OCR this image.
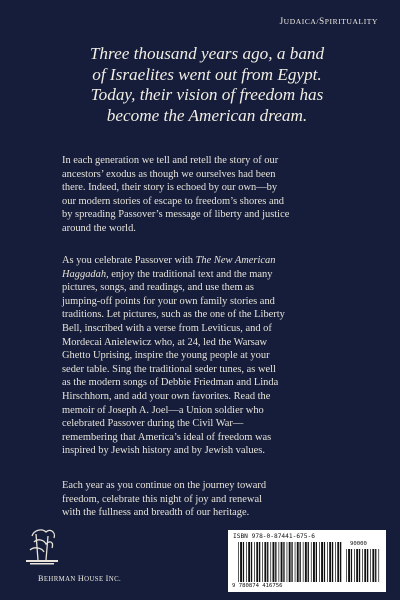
JUDAICA/SPIRITUALITY
Three thousand years ago, a band
of Israelites went out from Egypt.
Today, their vision of freedom has
become the American dream.
In each generation we tell and retell the story of our
ancestors’ exodus as though we ourselves had been
there. Indeed, their story is echoed by our own—by
our modern stories of escape to freedom’s shores and
by spreading Passover’s message of liberty and justice
around the world.
As you celebrate Passover with The New American
Haggadah, enjoy the traditional text and the many
pictures, songs, and readings, and use them as
jumping-off points for your own family stories and
traditions. Let pictures, such as the one of the Liberty
Bell, inscribed with a verse from Leviticus, and of
Mordecai Anielewicz who, at 24, led the Warsaw
Ghetto Uprising, inspire the young people at your
seder table. Sing the traditional seder tunes, as well
as the modern songs of Debbie Friedman and Linda
Hirschhorn, and add your own favorites. Read the
memoir of Joseph A. Joel—a Union soldier who
celebrated Passover during the Civil War—
remembering that America’s ideal of freedom was
inspired by Jewish history and by Jewish values.
Each year as you continue on the journey toward
freedom, celebrate this night of joy and renewal
with the fullness and breadth of our heritage.
BEHRMAN HOUSE INC.
ISBN 978-0-87441-675-6
9 780874 416756
90000
